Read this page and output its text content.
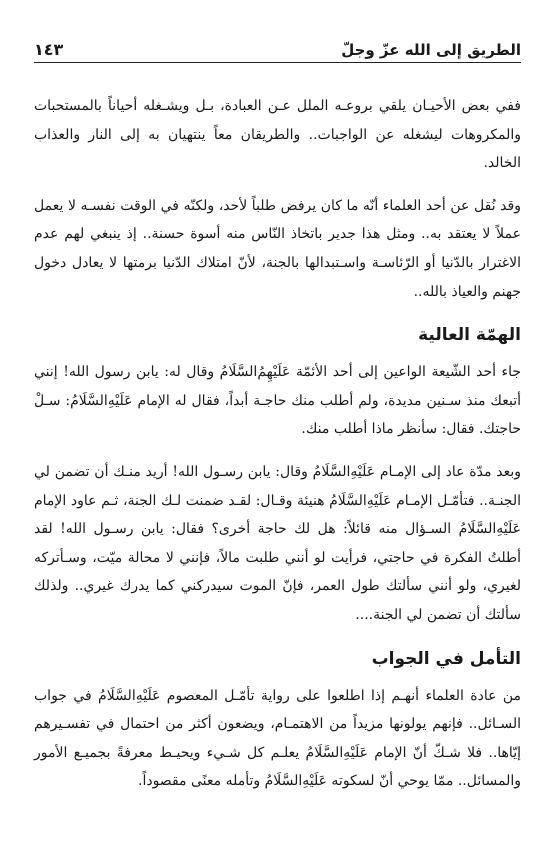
الطريق إلى الله عزّ وجلّ
١٤٣

ففي بعض الأحيـان يلقي بروعـه الملل عـن العبادة، بـل ويشـغله أحياناً بالمستحبات والمكروهات ليشغله عن الواجبات.. والطريقان معاً ينتهيان به إلى النار والعذاب الخالد.

وقد نُقل عن أحد العلماء أنّه ما كان يرفض طلباً لأحد، ولكنّه في الوقت نفسـه لا يعمل عملاً لا يعتقد به.. ومثل هذا جدير باتخاذ النّاس منه أسوة حسنة.. إذ ينبغي لهم عدم الاغترار بالدّنيا أو الرّئاسـة واسـتبدالها بالجنة، لأنّ امتلاك الدّنيا برمتها لا يعادل دخول جهنم والعياذ بالله..

الهمّة العالية

جاء أحد الشّيعة الواعين إلى أحد الأئمّة عَلَيْهِمُ‌السَّلَامُ وقال له: يابن رسول الله! إنني أتبعك منذ سـنين مديدة، ولم أطلب منك حاجـة أبداً، فقال له الإمام عَلَيْهِ‌السَّلَامُ: سـلْ حاجتك. فقال: سأنظر ماذا أطلب منك.

وبعد مدّة عاد إلى الإمـام عَلَيْهِ‌السَّلَامُ وقال: يابن رسـول الله! أريد منـك أن تضمن لي الجنـة.. فتأمّـل الإمـام عَلَيْهِ‌السَّلَامُ هنيئة وقـال: لقـد ضمنت لـك الجنة، ثـم عاود الإمام عَلَيْهِ‌السَّلَامُ السـؤال منه قائلاً: هل لك حاجة أخرى؟ فقال: يابن رسـول الله! لقد أطلتُ الفكرة في حاجتي، فرأيت لو أنني طلبت مالاً، فإنني لا محالة ميّت، وسـأتركه لغيري، ولو أنني سألتك طول العمر، فإنّ الموت سيدركني كما يدرك غيري.. ولذلك سألتك أن تضمن لي الجنة....

التأمل في الجواب

من عادة العلماء أنهـم إذا اطلعوا على رواية تأمّـل المعصوم عَلَيْهِ‌السَّلَامُ في جواب السـائل.. فإنهم يولونها مزيداً من الاهتمـام، ويضعون أكثر من احتمال في تفسـيرهم إيّاها.. فلا شـكّ أنّ الإمام عَلَيْهِ‌السَّلَامُ يعلـم كل شـيء ويحيـط معرفةً بجميـع الأمور والمسائل.. ممّا يوحي أنّ لسكوته عَلَيْهِ‌السَّلَامُ وتأمله معنًى مقصوداً.
